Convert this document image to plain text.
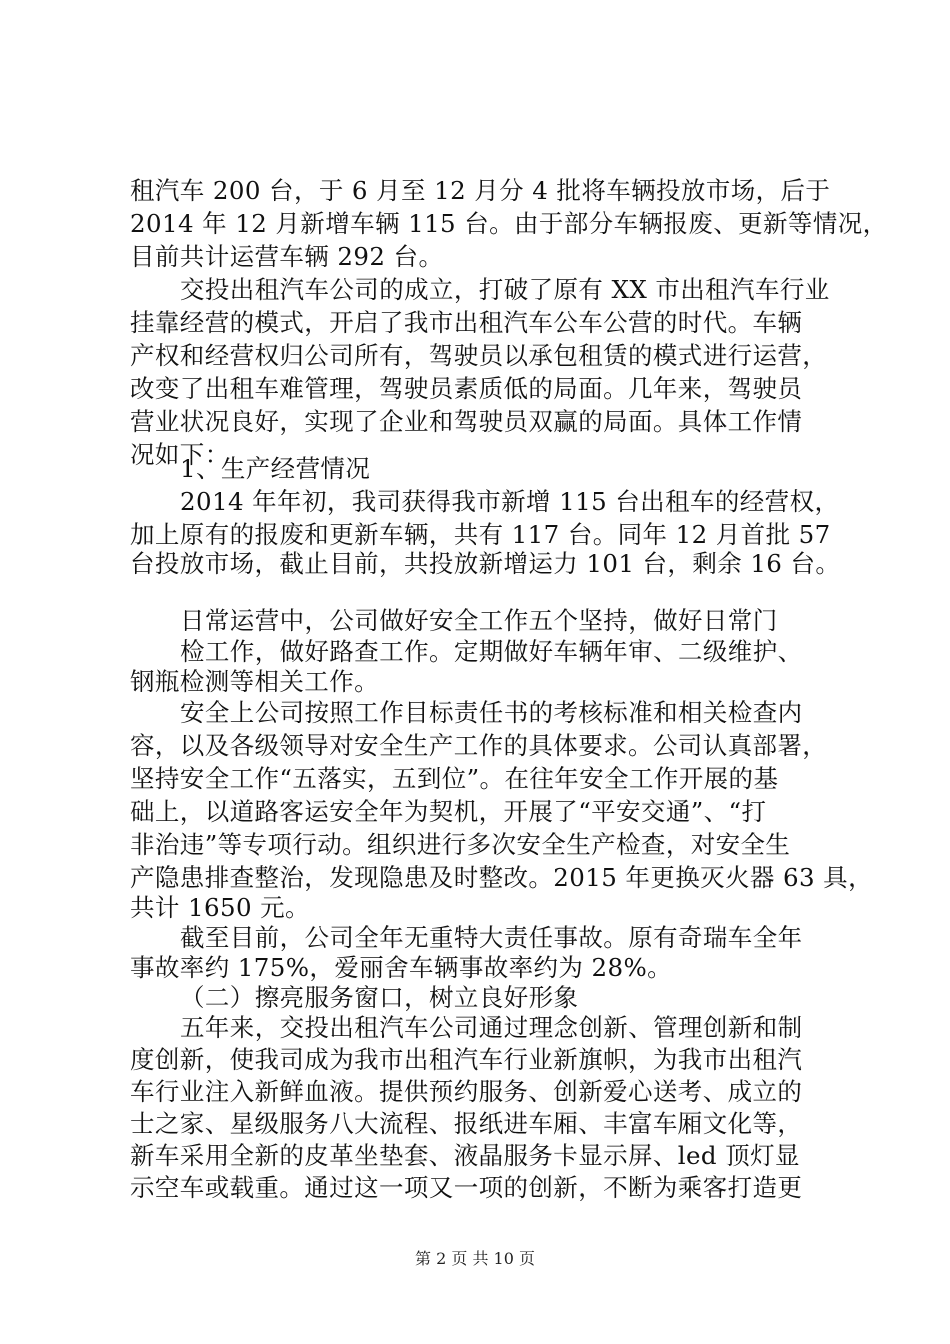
租汽车 200 台，于 6 月至 12 月分 4 批将车辆投放市场，后于
2014 年 12 月新增车辆 115 台。由于部分车辆报废、更新等情况，
目前共计运营车辆 292 台。
交投出租汽车公司的成立，打破了原有 XX 市出租汽车行业
挂靠经营的模式，开启了我市出租汽车公车公营的时代。车辆
产权和经营权归公司所有，驾驶员以承包租赁的模式进行运营，
改变了出租车难管理，驾驶员素质低的局面。几年来，驾驶员
营业状况良好，实现了企业和驾驶员双赢的局面。具体工作情
况如下：
1、生产经营情况
2014 年年初，我司获得我市新增 115 台出租车的经营权，
加上原有的报废和更新车辆，共有 117 台。同年 12 月首批 57
台投放市场，截止目前，共投放新增运力 101 台，剩余 16 台。
日常运营中，公司做好安全工作五个坚持，做好日常门
检工作，做好路查工作。定期做好车辆年审、二级维护、
钢瓶检测等相关工作。
安全上公司按照工作目标责任书的考核标准和相关检查内
容，以及各级领导对安全生产工作的具体要求。公司认真部署，
坚持安全工作“五落实，五到位”。在往年安全工作开展的基
础上，以道路客运安全年为契机，开展了“平安交通”、“打
非治违”等专项行动。组织进行多次安全生产检查，对安全生
产隐患排查整治，发现隐患及时整改。2015 年更换灭火器 63 具，
共计 1650 元。
截至目前，公司全年无重特大责任事故。原有奇瑞车全年
事故率约 175%，爱丽舍车辆事故率约为 28%。
（二）擦亮服务窗口，树立良好形象
五年来，交投出租汽车公司通过理念创新、管理创新和制
度创新，使我司成为我市出租汽车行业新旗帜，为我市出租汽
车行业注入新鲜血液。提供预约服务、创新爱心送考、成立的
士之家、星级服务八大流程、报纸进车厢、丰富车厢文化等，
新车采用全新的皮革坐垫套、液晶服务卡显示屏、led 顶灯显
示空车或载重。通过这一项又一项的创新，不断为乘客打造更
第 2 页 共 10 页
